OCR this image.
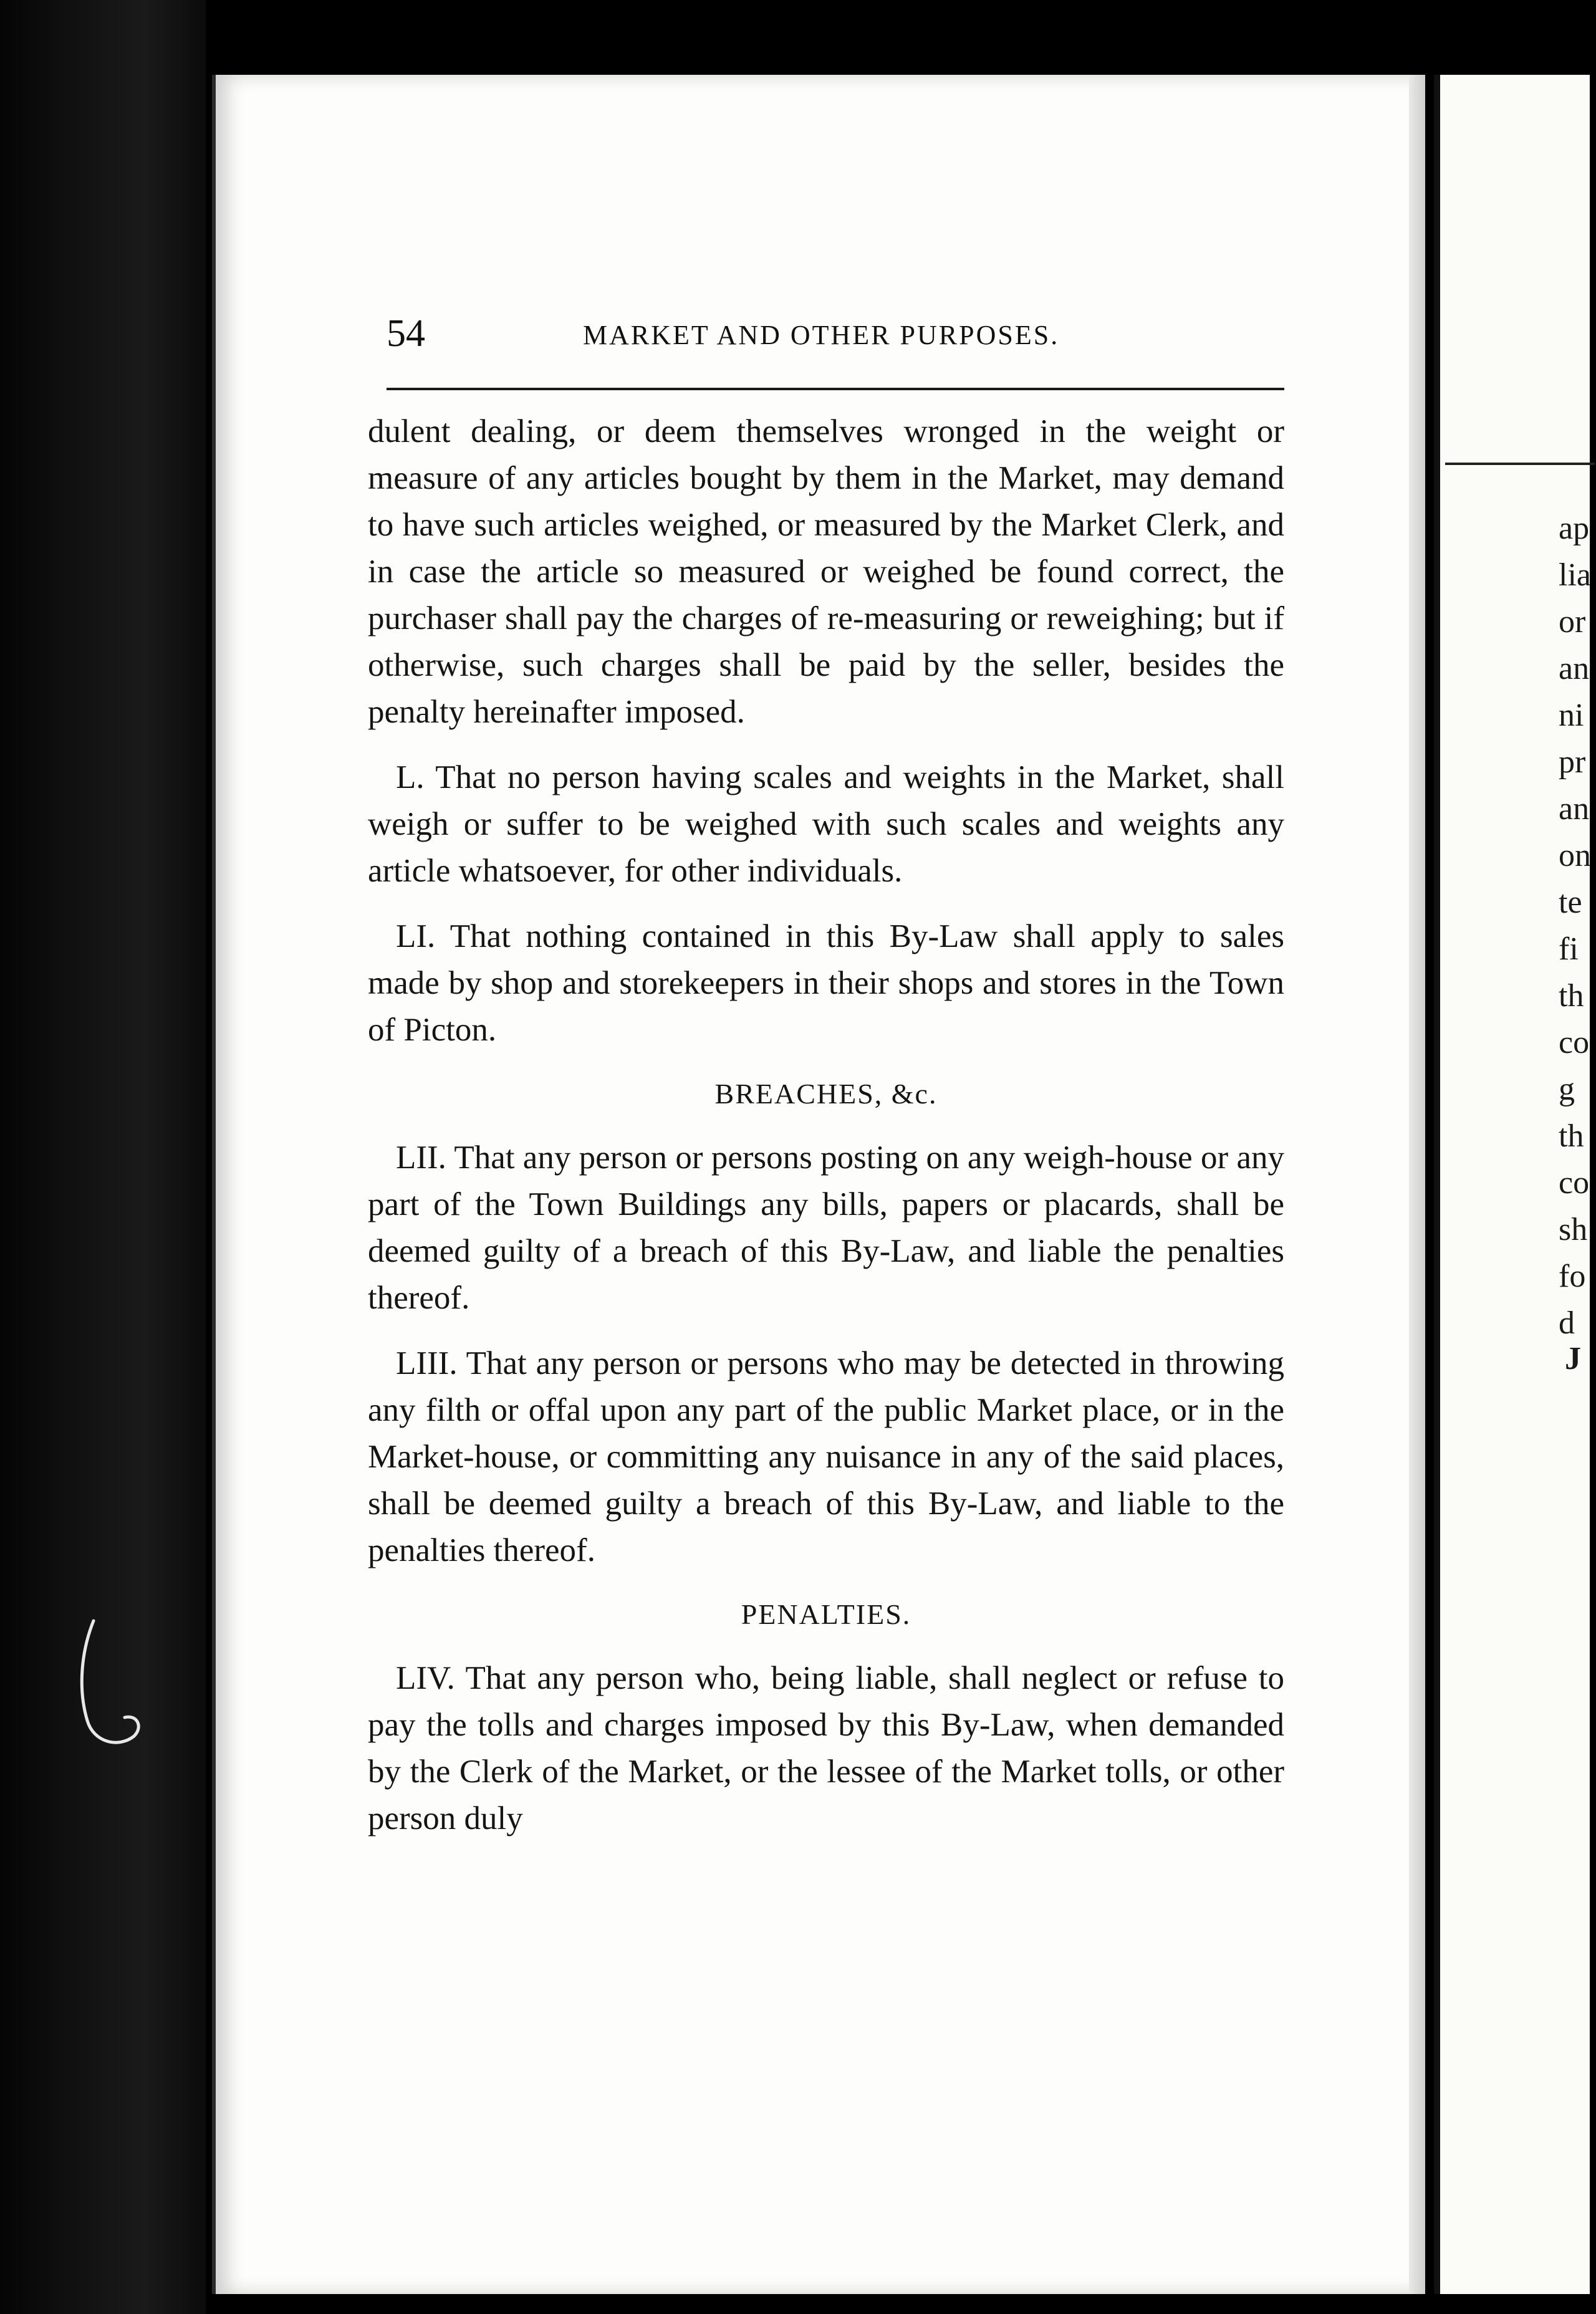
ap
lia
or
an
ni
pr
an
on
te
fi
th
co
g
th
co
sh
fo
d
J
54	MARKET AND OTHER PURPOSES.

dulent dealing, or deem themselves wronged in the weight or measure of any articles bought by them in the Market, may demand to have such articles weighed, or measured by the Market Clerk, and in case the article so measured or weighed be found correct, the purchaser shall pay the charges of re-measuring or reweighing; but if otherwise, such charges shall be paid by the seller, besides the penalty hereinafter imposed.

L. That no person having scales and weights in the Market, shall weigh or suffer to be weighed with such scales and weights any article whatsoever, for other individuals.

LI. That nothing contained in this By-Law shall apply to sales made by shop and storekeepers in their shops and stores in the Town of Picton.

BREACHES, &c.

LII. That any person or persons posting on any weigh-house or any part of the Town Buildings any bills, papers or placards, shall be deemed guilty of a breach of this By-Law, and liable the penalties thereof.

LIII. That any person or persons who may be detected in throwing any filth or offal upon any part of the public Market place, or in the Market-house, or committing any nuisance in any of the said places, shall be deemed guilty a breach of this By-Law, and liable to the penalties thereof.

PENALTIES.

LIV. That any person who, being liable, shall neglect or refuse to pay the tolls and charges imposed by this By-Law, when demanded by the Clerk of the Market, or the lessee of the Market tolls, or other person duly
